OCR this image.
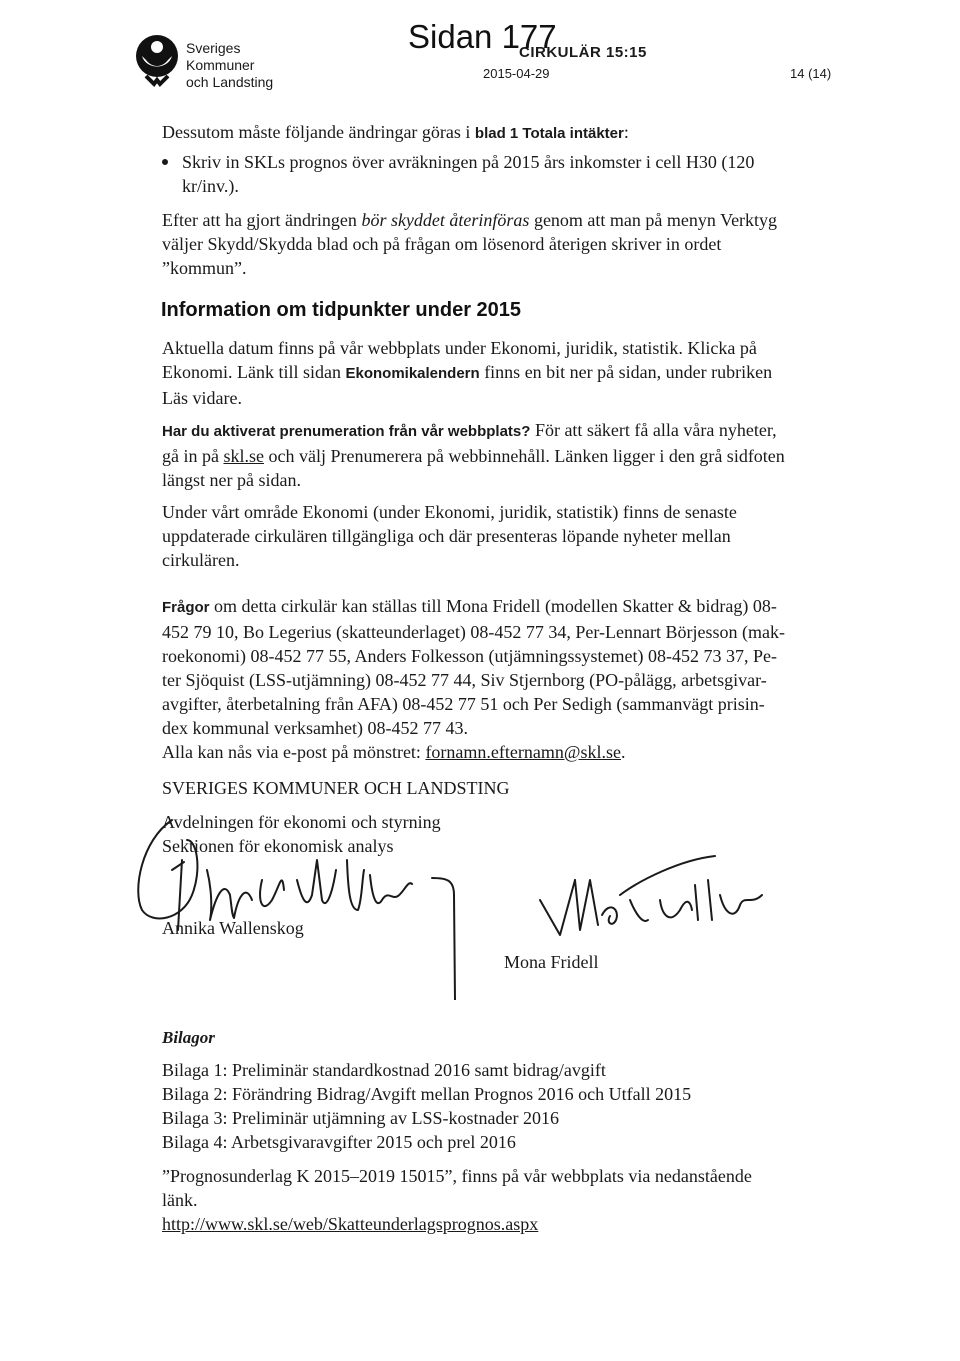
Sveriges
Kommuner
och Landsting
CIRKULÄR 15:15
Sidan 177
2015-04-29	14 (14)
Dessutom måste följande ändringar göras i blad 1 Totala intäkter:
Skriv in SKLs prognos över avräkningen på 2015 års inkomster i cell H30 (120
kr/inv.).
Efter att ha gjort ändringen bör skyddet återinföras genom att man på menyn Verktyg
väljer Skydd/Skydda blad och på frågan om lösenord återigen skriver in ordet
”kommun”.
Information om tidpunkter under 2015
Aktuella datum finns på vår webbplats under Ekonomi, juridik, statistik. Klicka på
Ekonomi. Länk till sidan Ekonomikalendern finns en bit ner på sidan, under rubriken
Läs vidare.
Har du aktiverat prenumeration från vår webbplats? För att säkert få alla våra nyheter,
gå in på skl.se och välj Prenumerera på webbinnehåll. Länken ligger i den grå sidfoten
längst ner på sidan.
Under vårt område Ekonomi (under Ekonomi, juridik, statistik) finns de senaste
uppdaterade cirkulären tillgängliga och där presenteras löpande nyheter mellan
cirkulären.
Frågor om detta cirkulär kan ställas till Mona Fridell (modellen Skatter & bidrag) 08-
452 79 10, Bo Legerius (skatteunderlaget) 08-452 77 34, Per-Lennart Börjesson (mak-
roekonomi) 08-452 77 55, Anders Folkesson (utjämningssystemet) 08-452 73 37, Pe-
ter Sjöquist (LSS-utjämning) 08-452 77 44, Siv Stjernborg (PO-pålägg, arbetsgivar-
avgifter, återbetalning från AFA) 08-452 77 51 och Per Sedigh (sammanvägt prisin-
dex kommunal verksamhet) 08-452 77 43.
Alla kan nås via e-post på mönstret: fornamn.efternamn@skl.se.
SVERIGES KOMMUNER OCH LANDSTING
Avdelningen för ekonomi och styrning
Sektionen för ekonomisk analys
Annika Wallenskog
Mona Fridell
Bilagor
Bilaga 1: Preliminär standardkostnad 2016 samt bidrag/avgift
Bilaga 2: Förändring Bidrag/Avgift mellan Prognos 2016 och Utfall 2015
Bilaga 3: Preliminär utjämning av LSS-kostnader 2016
Bilaga 4: Arbetsgivaravgifter 2015 och prel 2016
”Prognosunderlag K 2015–2019 15015”, finns på vår webbplats via nedanstående
länk.
http://www.skl.se/web/Skatteunderlagsprognos.aspx
